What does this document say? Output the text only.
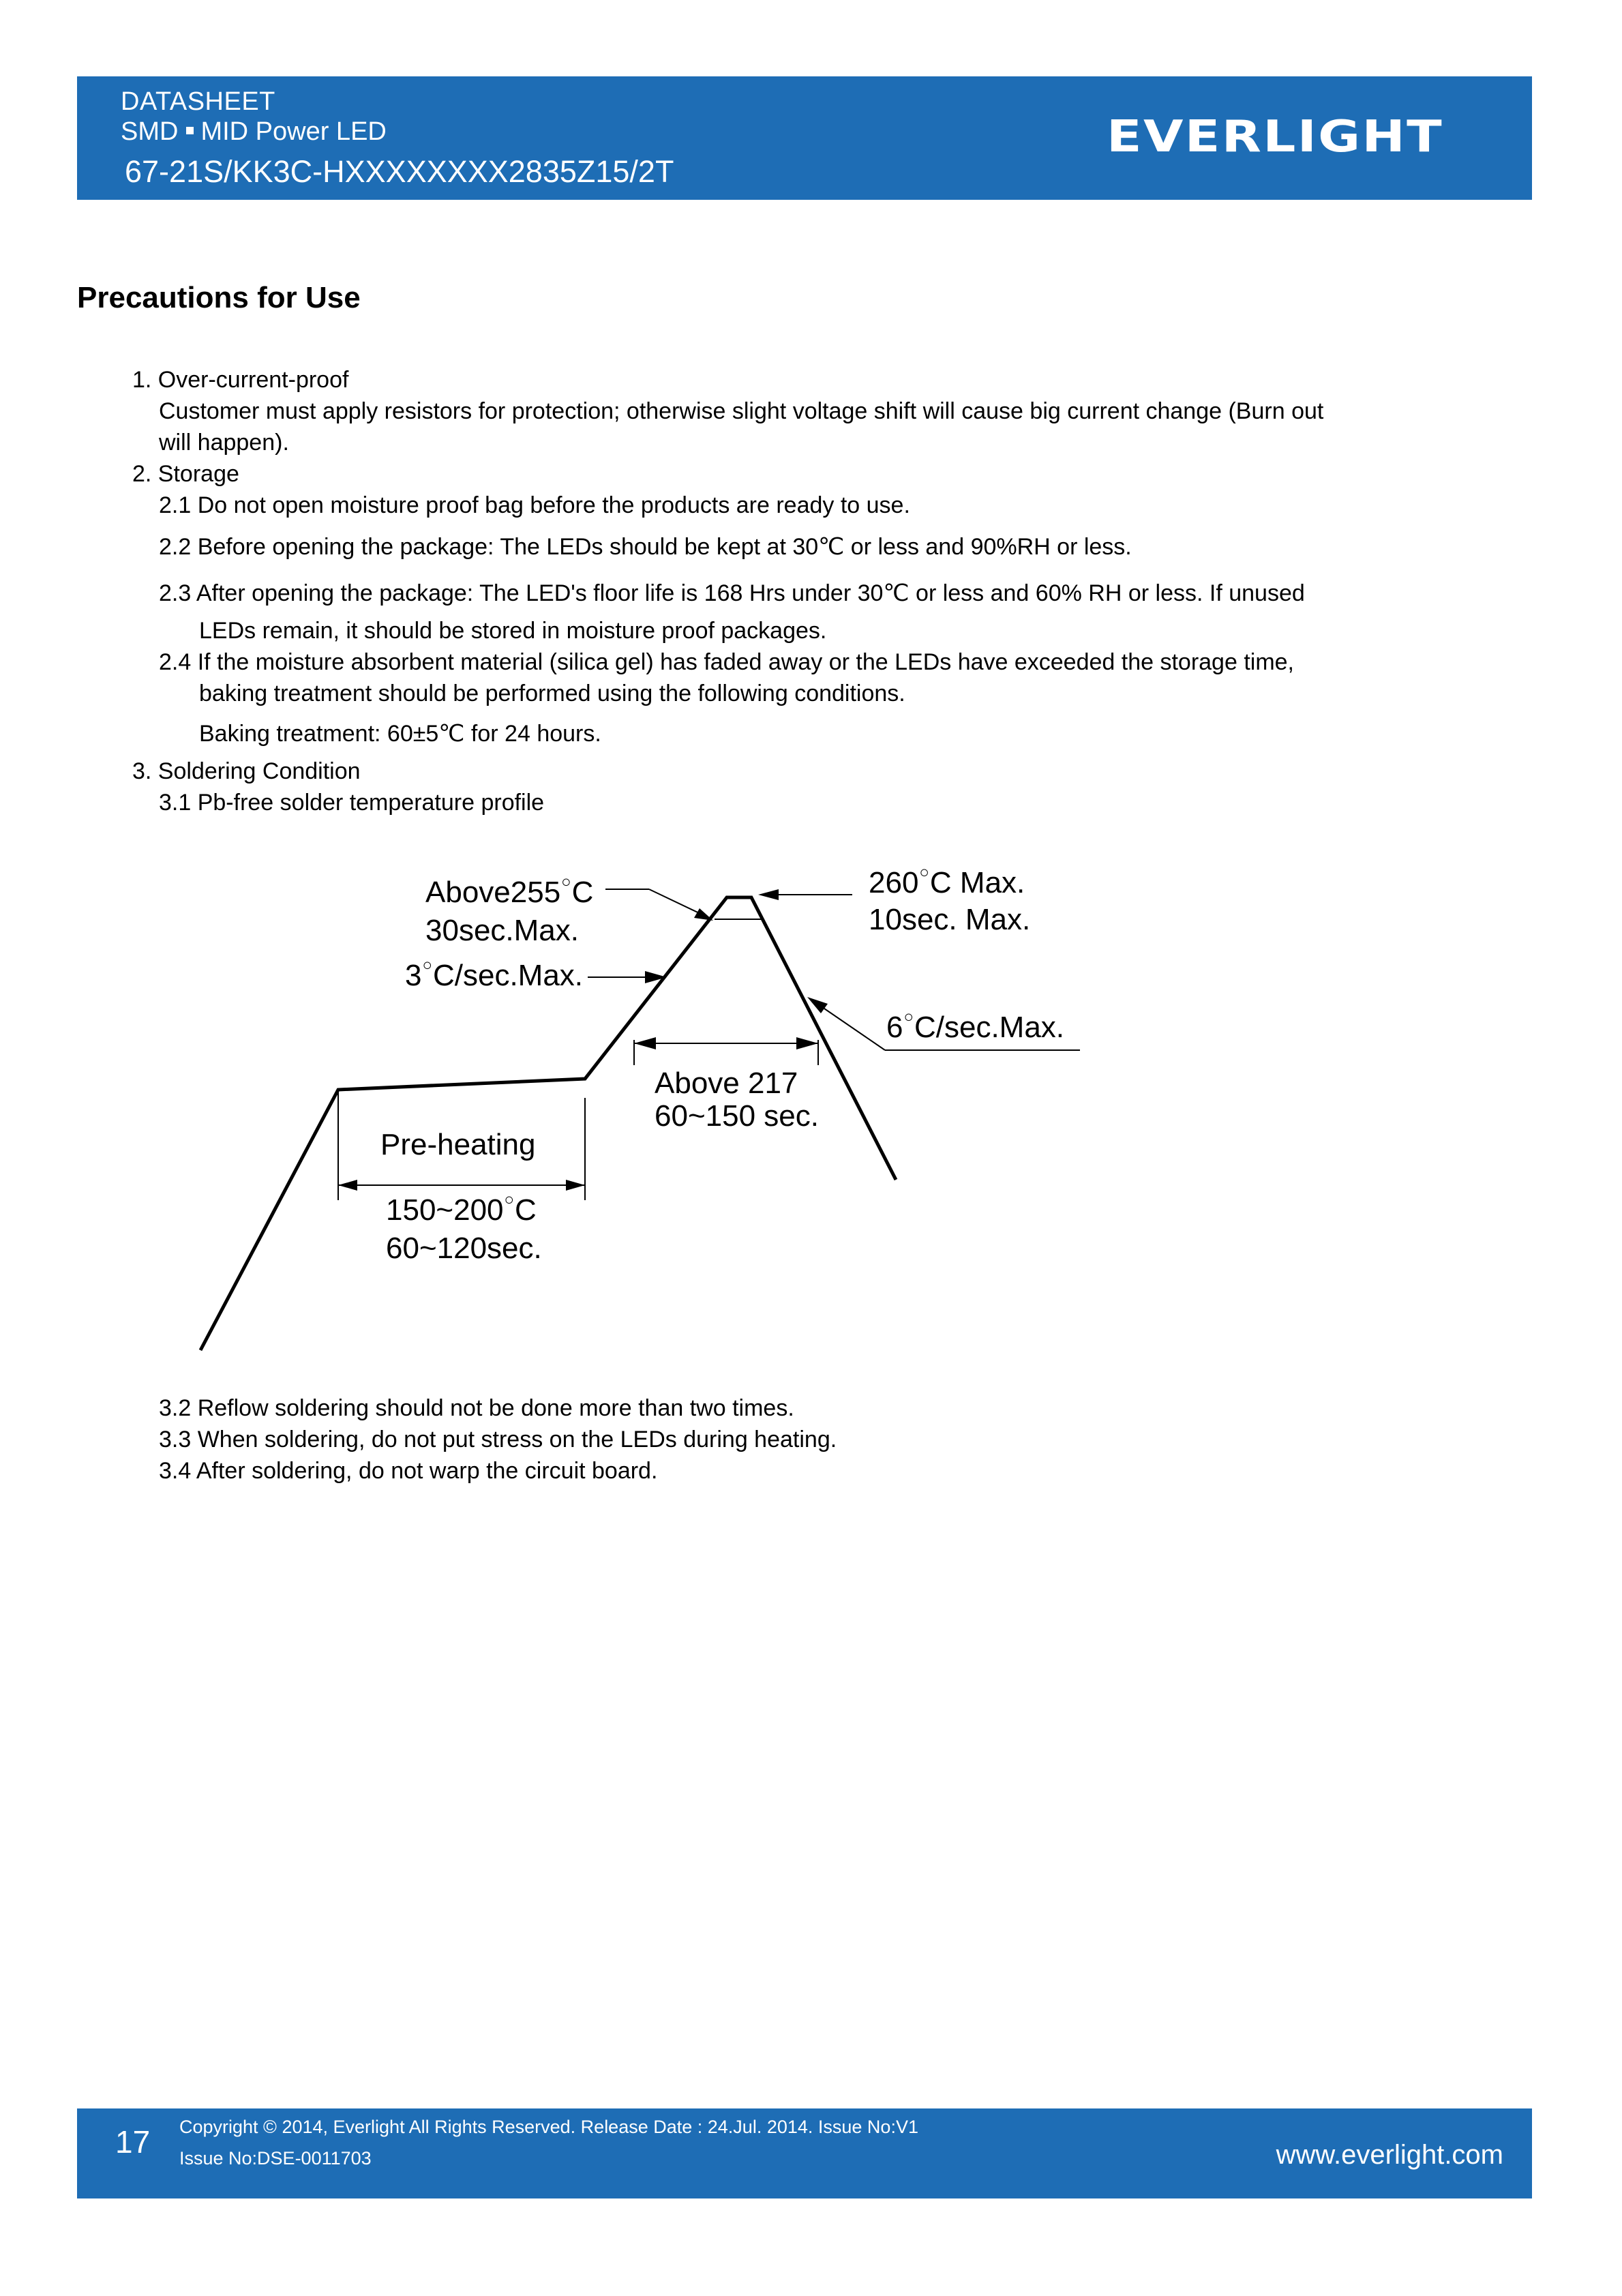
DATASHEET
SMD MID Power LED
67-21S/KK3C-HXXXXXXXX2835Z15/2T
EVERLIGHT
Precautions for Use
1. Over-current-proof
Customer must apply resistors for protection; otherwise slight voltage shift will cause big current change (Burn out
will happen).
2. Storage
2.1 Do not open moisture proof bag before the products are ready to use.
2.2 Before opening the package: The LEDs should be kept at 30℃ or less and 90%RH or less.
2.3 After opening the package: The LED's floor life is 168 Hrs under 30℃ or less and 60% RH or less. If unused
LEDs remain, it should be stored in moisture proof packages.
2.4 If the moisture absorbent material (silica gel) has faded away or the LEDs have exceeded the storage time,
baking treatment should be performed using the following conditions.
Baking treatment: 60±5℃ for 24 hours.
3. Soldering Condition
3.1 Pb-free solder temperature profile
Above255○C
30sec.Max.
260○C Max.
10sec. Max.
3○C/sec.Max.
6○C/sec.Max.
Above 217
60~150 sec.
Pre-heating
150~200○C
60~120sec.
3.2 Reflow soldering should not be done more than two times.
3.3 When soldering, do not put stress on the LEDs during heating.
3.4 After soldering, do not warp the circuit board.
17 Copyright © 2014, Everlight All Rights Reserved. Release Date : 24.Jul. 2014. Issue No:V1
Issue No:DSE-0011703	www.everlight.com
